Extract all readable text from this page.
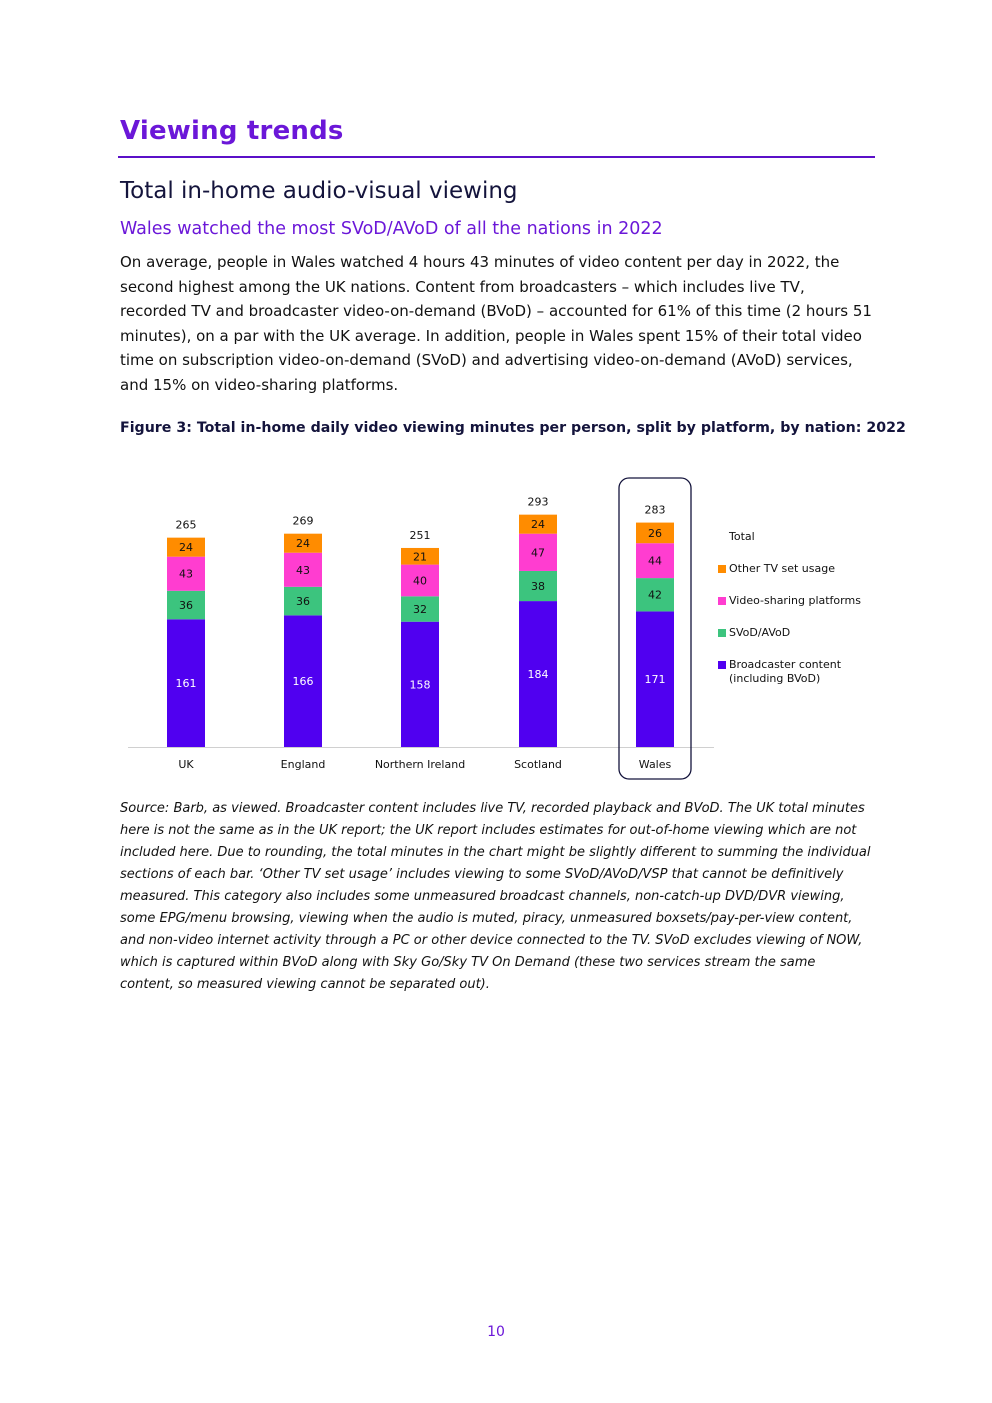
Viewing trends
Total in-home audio-visual viewing
Wales watched the most SVoD/AVoD of all the nations in 2022

On average, people in Wales watched 4 hours 43 minutes of video content per day in 2022, the second highest among the UK nations. Content from broadcasters – which includes live TV, recorded TV and broadcaster video-on-demand (BVoD) – accounted for 61% of this time (2 hours 51 minutes), on a par with the UK average. In addition, people in Wales spent 15% of their total video time on subscription video-on-demand (SVoD) and advertising video-on-demand (AVoD) services, and 15% on video-sharing platforms.

Figure 3: Total in-home daily video viewing minutes per person, split by platform, by nation: 2022

161
36
43
24
265
UK
166
36
43
24
269
England
158
32
40
21
251
Northern Ireland
184
38
47
24
293
Scotland
171
42
44
26
283
Wales
Total
Other TV set usage
Video-sharing platforms
SVoD/AVoD
Broadcaster content (including BVoD)

Source: Barb, as viewed. Broadcaster content includes live TV, recorded playback and BVoD. The UK total minutes here is not the same as in the UK report; the UK report includes estimates for out-of-home viewing which are not included here. Due to rounding, the total minutes in the chart might be slightly different to summing the individual sections of each bar. ‘Other TV set usage’ includes viewing to some SVoD/AVoD/VSP that cannot be definitively measured. This category also includes some unmeasured broadcast channels, non-catch-up DVD/DVR viewing, some EPG/menu browsing, viewing when the audio is muted, piracy, unmeasured boxsets/pay-per-view content, and non-video internet activity through a PC or other device connected to the TV. SVoD excludes viewing of NOW, which is captured within BVoD along with Sky Go/Sky TV On Demand (these two services stream the same content, so measured viewing cannot be separated out).

10
